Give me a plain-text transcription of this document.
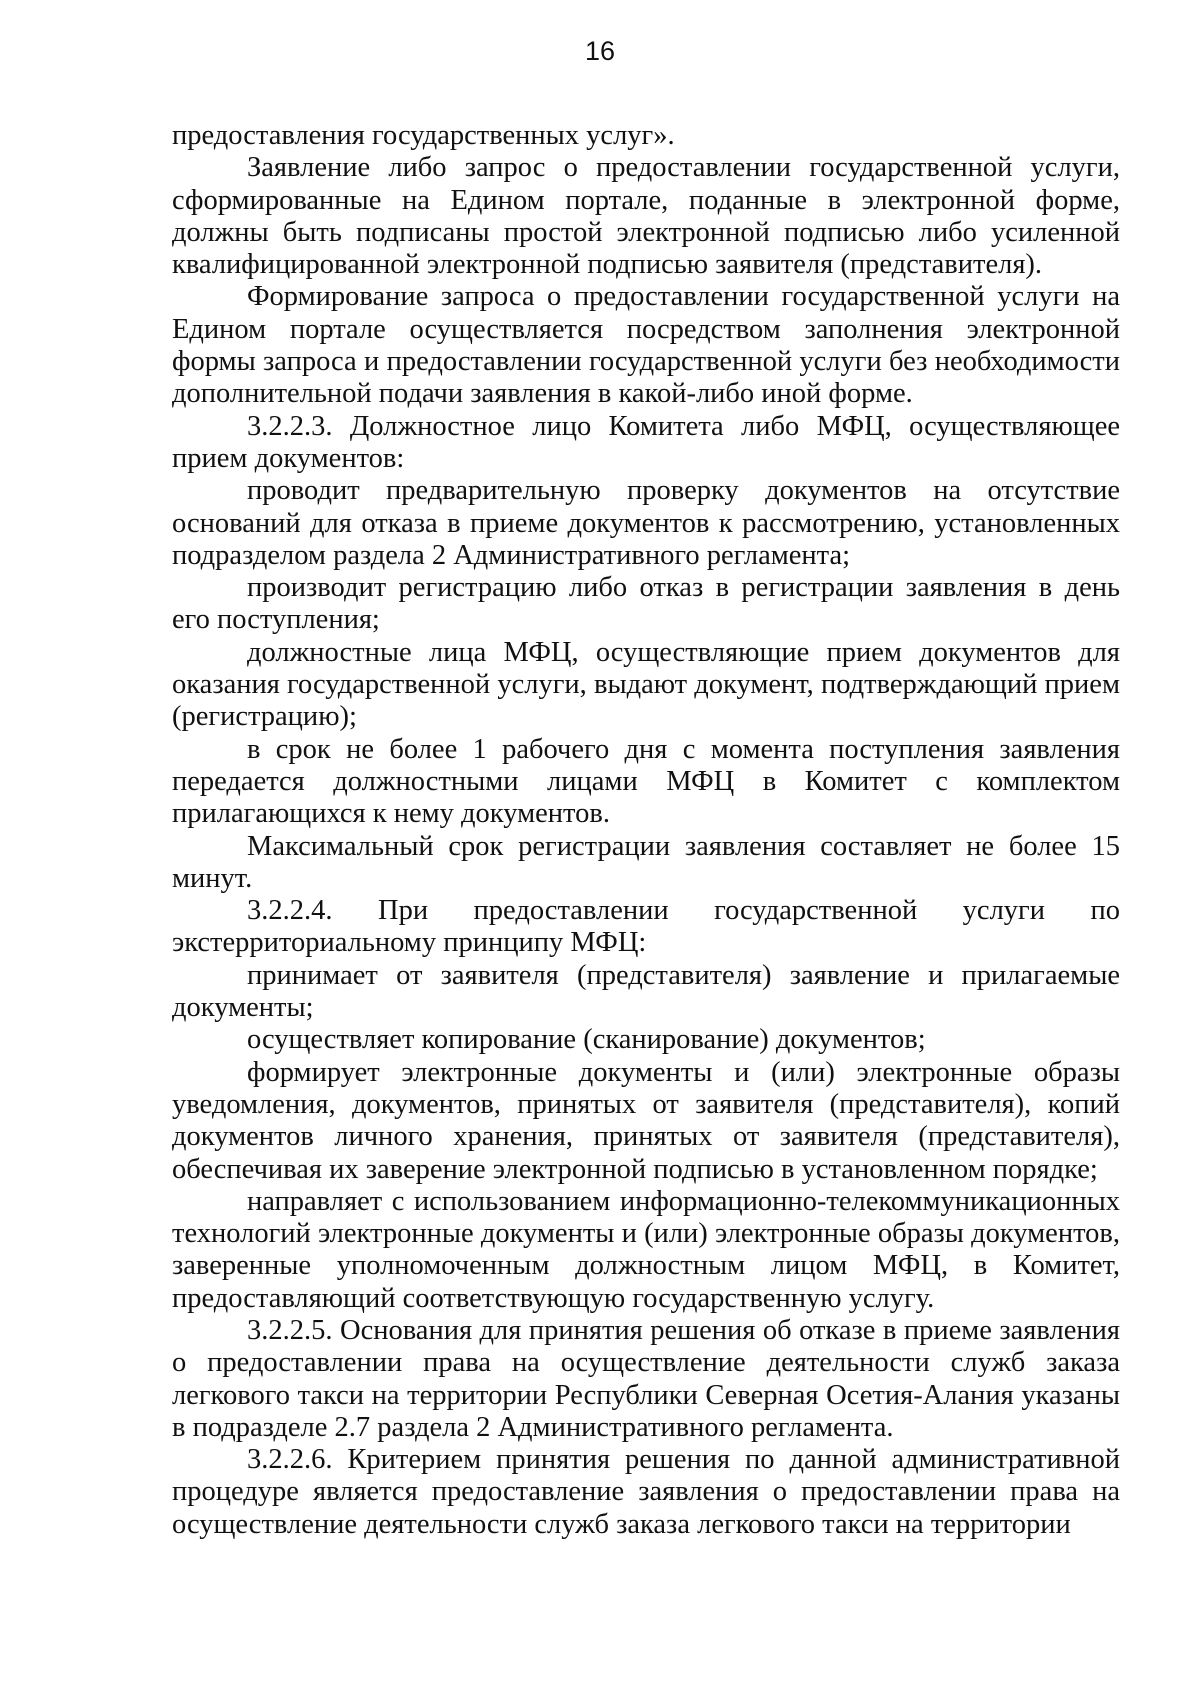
16

предоставления государственных услуг».

Заявление либо запрос о предоставлении государственной услуги, сформированные на Едином портале, поданные в электронной форме, должны быть подписаны простой электронной подписью либо усиленной квалифицированной электронной подписью заявителя (представителя).

Формирование запроса о предоставлении государственной услуги на Едином портале осуществляется посредством заполнения электронной формы запроса и предоставлении государственной услуги без необходимости дополнительной подачи заявления в какой-либо иной форме.

3.2.2.3. Должностное лицо Комитета либо МФЦ, осуществляющее прием документов:

проводит предварительную проверку документов на отсутствие оснований для отказа в приеме документов к рассмотрению, установленных подразделом раздела 2 Административного регламента;

производит регистрацию либо отказ в регистрации заявления в день его поступления;

должностные лица МФЦ, осуществляющие прием документов для оказания государственной услуги, выдают документ, подтверждающий прием (регистрацию);

в срок не более 1 рабочего дня с момента поступления заявления передается должностными лицами МФЦ в Комитет с комплектом прилагающихся к нему документов.

Максимальный срок регистрации заявления составляет не более 15 минут.

3.2.2.4. При предоставлении государственной услуги по экстерриториальному принципу МФЦ:

принимает от заявителя (представителя) заявление и прилагаемые документы;

осуществляет копирование (сканирование) документов;

формирует электронные документы и (или) электронные образы уведомления, документов, принятых от заявителя (представителя), копий документов личного хранения, принятых от заявителя (представителя), обеспечивая их заверение электронной подписью в установленном порядке;

направляет с использованием информационно-телекоммуникационных технологий электронные документы и (или) электронные образы документов, заверенные уполномоченным должностным лицом МФЦ, в Комитет, предоставляющий соответствующую государственную услугу.

3.2.2.5. Основания для принятия решения об отказе в приеме заявления о предоставлении права на осуществление деятельности служб заказа легкового такси на территории Республики Северная Осетия-Алания указаны в подразделе 2.7 раздела 2 Административного регламента.

3.2.2.6. Критерием принятия решения по данной административной процедуре является предоставление заявления о предоставлении права на осуществление деятельности служб заказа легкового такси на территории
